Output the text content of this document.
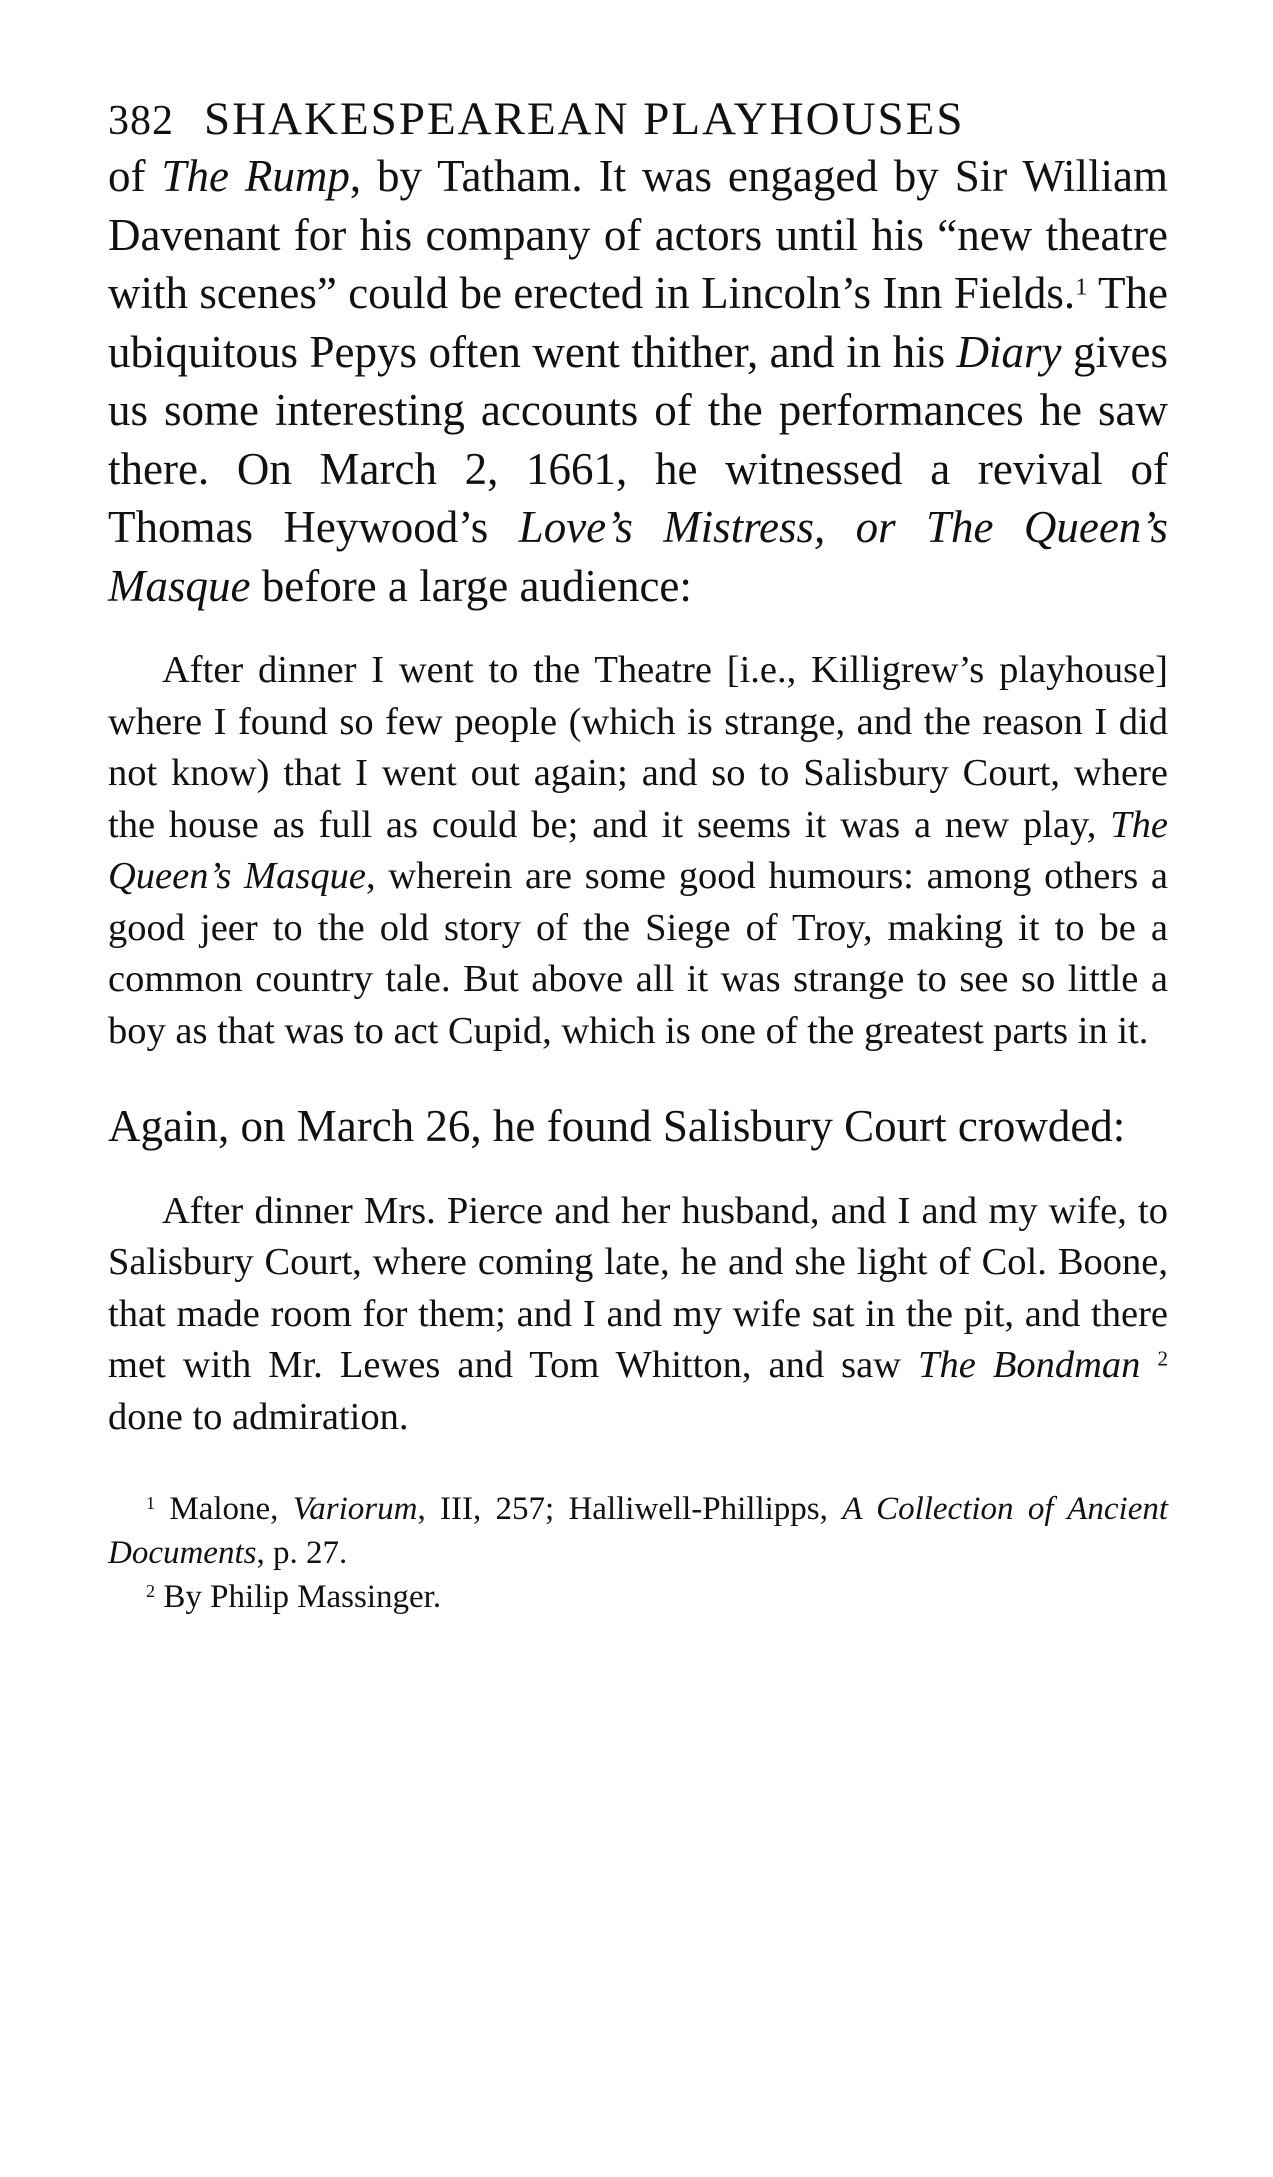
382 SHAKESPEAREAN PLAYHOUSES

of The Rump, by Tatham. It was engaged by Sir William Davenant for his company of actors until his “new theatre with scenes” could be erected in Lincoln’s Inn Fields.$^1$ The ubiquitous Pepys often went thither, and in his Diary gives us some interesting accounts of the performances he saw there. On March 2, 1661, he witnessed a revival of Thomas Heywood’s Love’s Mistress, or The Queen’s Masque before a large audience:

After dinner I went to the Theatre [i.e., Killigrew’s playhouse] where I found so few people (which is strange, and the reason I did not know) that I went out again; and so to Salisbury Court, where the house as full as could be; and it seems it was a new play, The Queen’s Masque, wherein are some good humours: among others a good jeer to the old story of the Siege of Troy, making it to be a common country tale. But above all it was strange to see so little a boy as that was to act Cupid, which is one of the greatest parts in it.

Again, on March 26, he found Salisbury Court crowded:

After dinner Mrs. Pierce and her husband, and I and my wife, to Salisbury Court, where coming late, he and she light of Col. Boone, that made room for them; and I and my wife sat in the pit, and there met with Mr. Lewes and Tom Whitton, and saw The Bondman $^2$ done to admiration.

$^1$ Malone, Variorum, III, 257; Halliwell-Phillipps, A Collection of Ancient Documents, p. 27.

$^2$ By Philip Massinger.
